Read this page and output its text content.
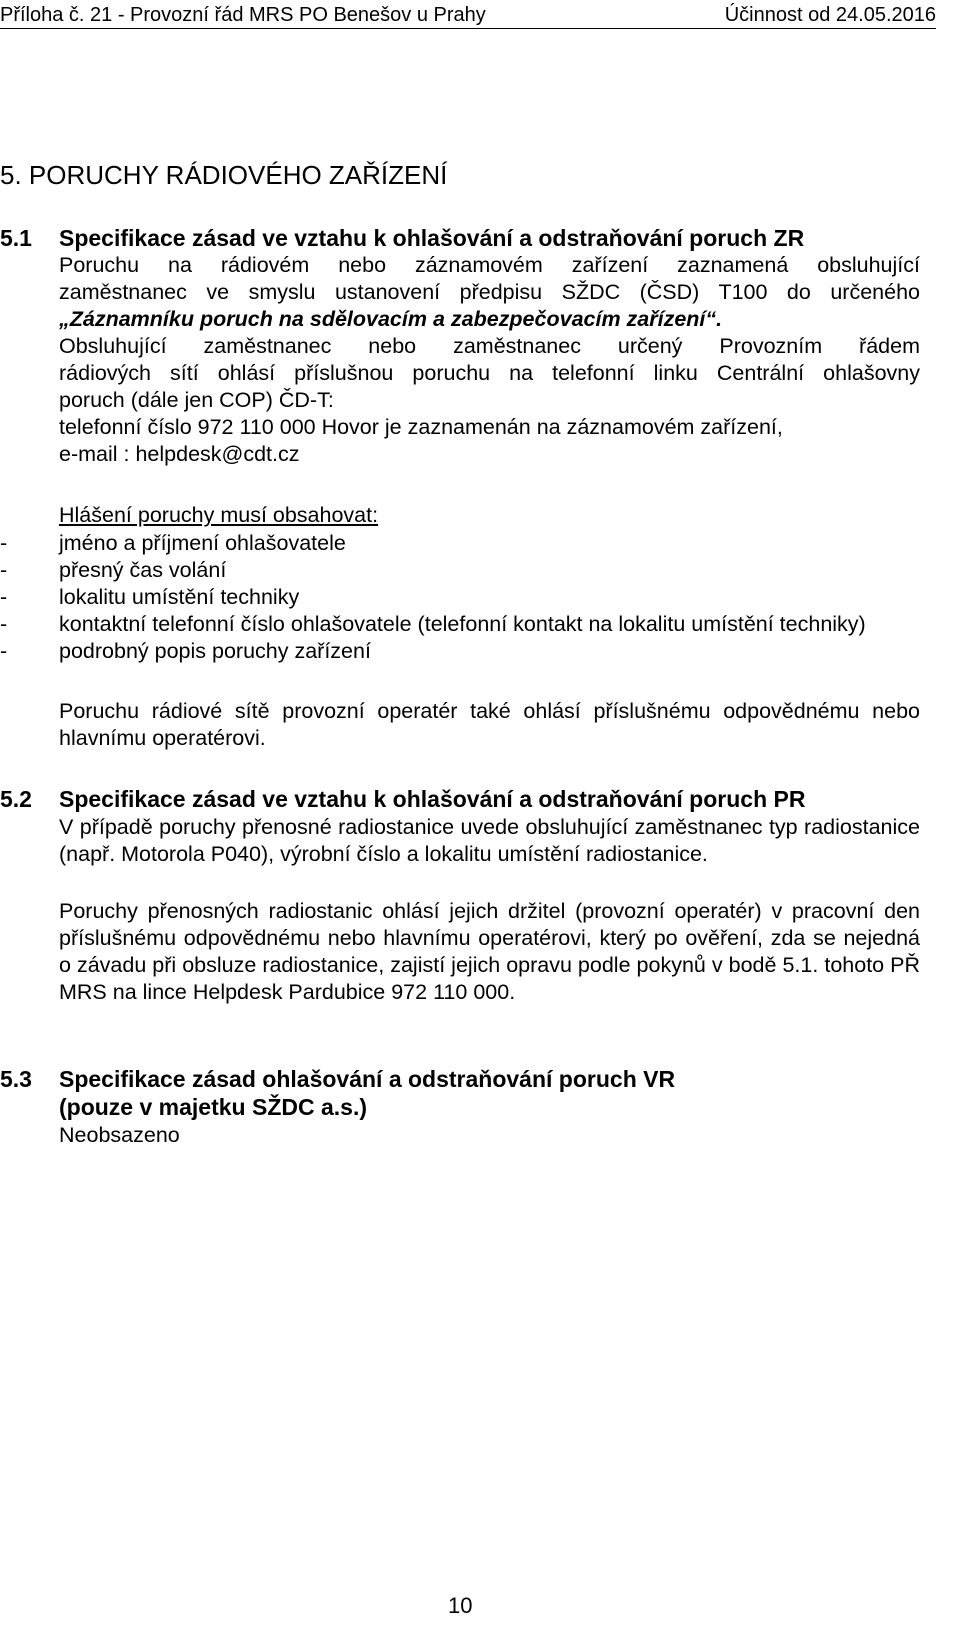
Příloha č. 21 - Provozní řád MRS PO Benešov u Prahy	Účinnost od 24.05.2016
5. PORUCHY RÁDIOVÉHO ZAŘÍZENÍ
5.1 Specifikace zásad ve vztahu k ohlašování a odstraňování poruch ZR
Poruchu na rádiovém nebo záznamovém zařízení zaznamená obsluhující
zaměstnanec ve smyslu ustanovení předpisu SŽDC (ČSD) T100 do určeného
„Záznamníku poruch na sdělovacím a zabezpečovacím zařízení“.
Obsluhující zaměstnanec nebo zaměstnanec určený Provozním řádem
rádiových sítí ohlásí příslušnou poruchu na telefonní linku Centrální ohlašovny
poruch (dále jen COP) ČD-T:
telefonní číslo 972 110 000 Hovor je zaznamenán na záznamovém zařízení,
e-mail : helpdesk@cdt.cz
Hlášení poruchy musí obsahovat:
- jméno a příjmení ohlašovatele
- přesný čas volání
- lokalitu umístění techniky
- kontaktní telefonní číslo ohlašovatele (telefonní kontakt na lokalitu umístění techniky)
- podrobný popis poruchy zařízení
Poruchu rádiové sítě provozní operatér také ohlásí příslušnému odpovědnému nebo hlavnímu operatérovi.
5.2 Specifikace zásad ve vztahu k ohlašování a odstraňování poruch PR
V případě poruchy přenosné radiostanice uvede obsluhující zaměstnanec typ radiostanice (např. Motorola P040), výrobní číslo a lokalitu umístění radiostanice.
Poruchy přenosných radiostanic ohlásí jejich držitel (provozní operatér) v pracovní den příslušnému odpovědnému nebo hlavnímu operatérovi, který po ověření, zda se nejedná o závadu při obsluze radiostanice, zajistí jejich opravu podle pokynů v bodě 5.1. tohoto PŘ MRS na lince Helpdesk Pardubice 972 110 000.
5.3 Specifikace zásad ohlašování a odstraňování poruch VR
(pouze v majetku SŽDC a.s.)
Neobsazeno
10
